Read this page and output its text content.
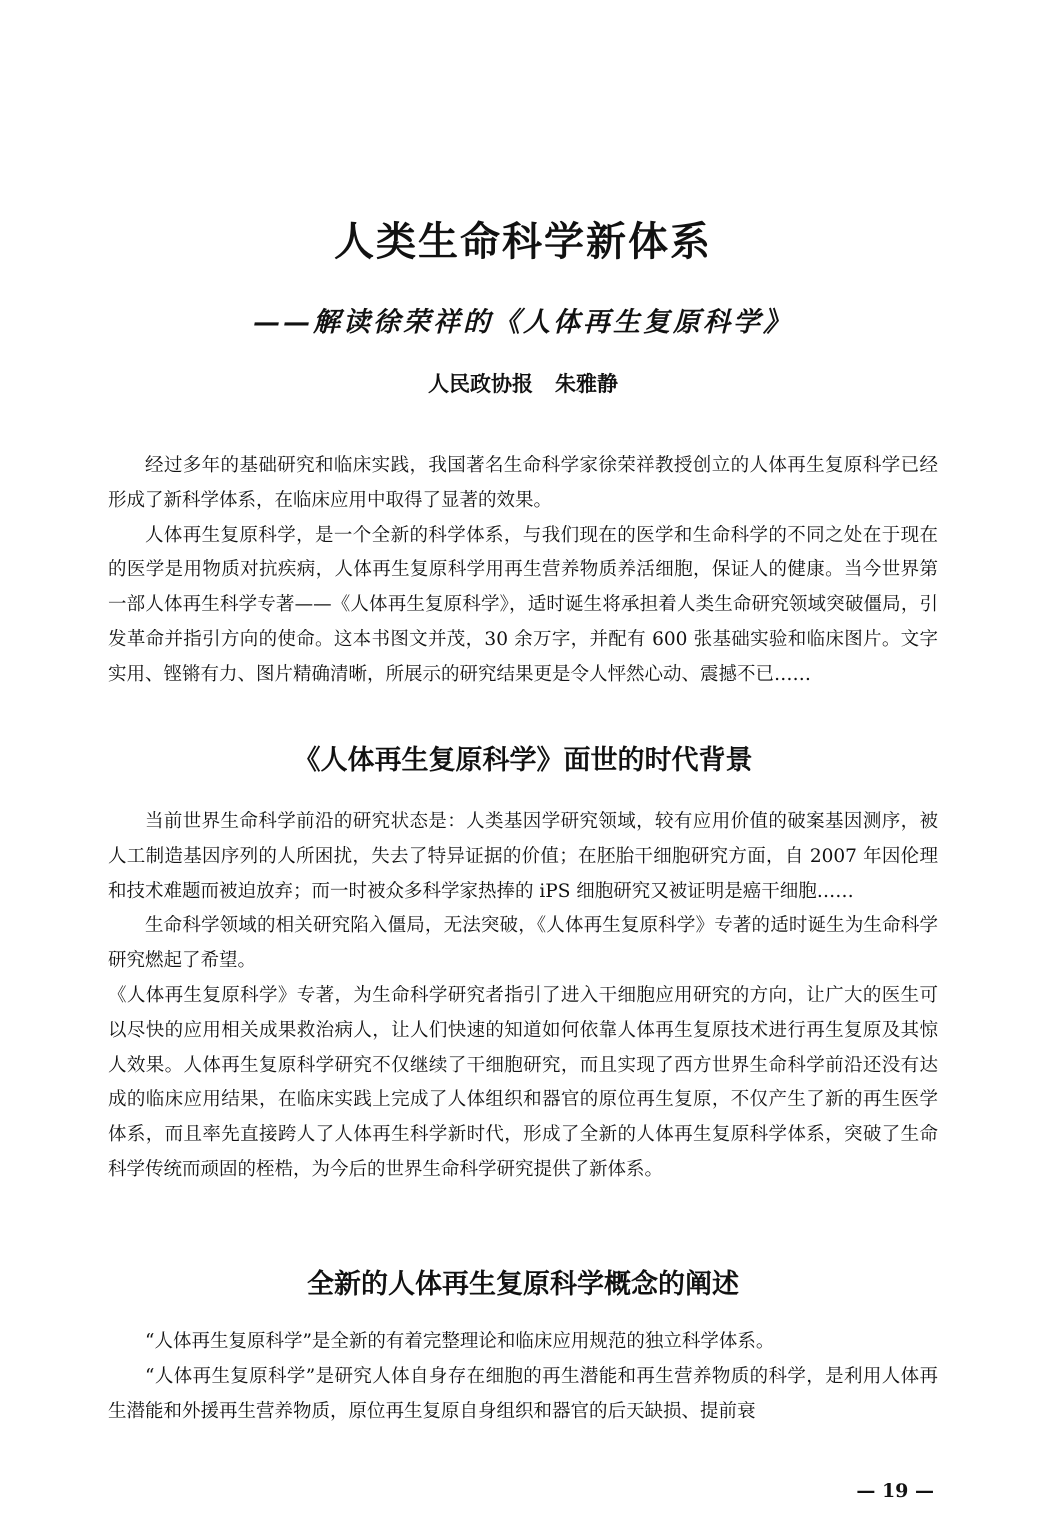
人类生命科学新体系
——解读徐荣祥的《人体再生复原科学》
人民政协报 朱雅静

经过多年的基础研究和临床实践，我国著名生命科学家徐荣祥教授创立的人体再生复原科学已经形成了新科学体系，在临床应用中取得了显著的效果。

人体再生复原科学，是一个全新的科学体系，与我们现在的医学和生命科学的不同之处在于现在的医学是用物质对抗疾病，人体再生复原科学用再生营养物质养活细胞，保证人的健康。当今世界第一部人体再生科学专著——《人体再生复原科学》，适时诞生将承担着人类生命研究领域突破僵局，引发革命并指引方向的使命。这本书图文并茂，30 余万字，并配有 600 张基础实验和临床图片。文字实用、铿锵有力、图片精确清晰，所展示的研究结果更是令人怦然心动、震撼不已……

《人体再生复原科学》面世的时代背景

当前世界生命科学前沿的研究状态是：人类基因学研究领域，较有应用价值的破案基因测序，被人工制造基因序列的人所困扰，失去了特异证据的价值；在胚胎干细胞研究方面，自 2007 年因伦理和技术难题而被迫放弃；而一时被众多科学家热捧的 iPS 细胞研究又被证明是癌干细胞……

生命科学领域的相关研究陷入僵局，无法突破，《人体再生复原科学》专著的适时诞生为生命科学研究燃起了希望。

《人体再生复原科学》专著，为生命科学研究者指引了进入干细胞应用研究的方向，让广大的医生可以尽快的应用相关成果救治病人，让人们快速的知道如何依靠人体再生复原技术进行再生复原及其惊人效果。人体再生复原科学研究不仅继续了干细胞研究，而且实现了西方世界生命科学前沿还没有达成的临床应用结果，在临床实践上完成了人体组织和器官的原位再生复原，不仅产生了新的再生医学体系，而且率先直接跨人了人体再生科学新时代，形成了全新的人体再生复原科学体系，突破了生命科学传统而顽固的桎梏，为今后的世界生命科学研究提供了新体系。

全新的人体再生复原科学概念的阐述

“人体再生复原科学”是全新的有着完整理论和临床应用规范的独立科学体系。

“人体再生复原科学”是研究人体自身存在细胞的再生潜能和再生营养物质的科学，是利用人体再生潜能和外援再生营养物质，原位再生复原自身组织和器官的后天缺损、提前衰

— 19 —
